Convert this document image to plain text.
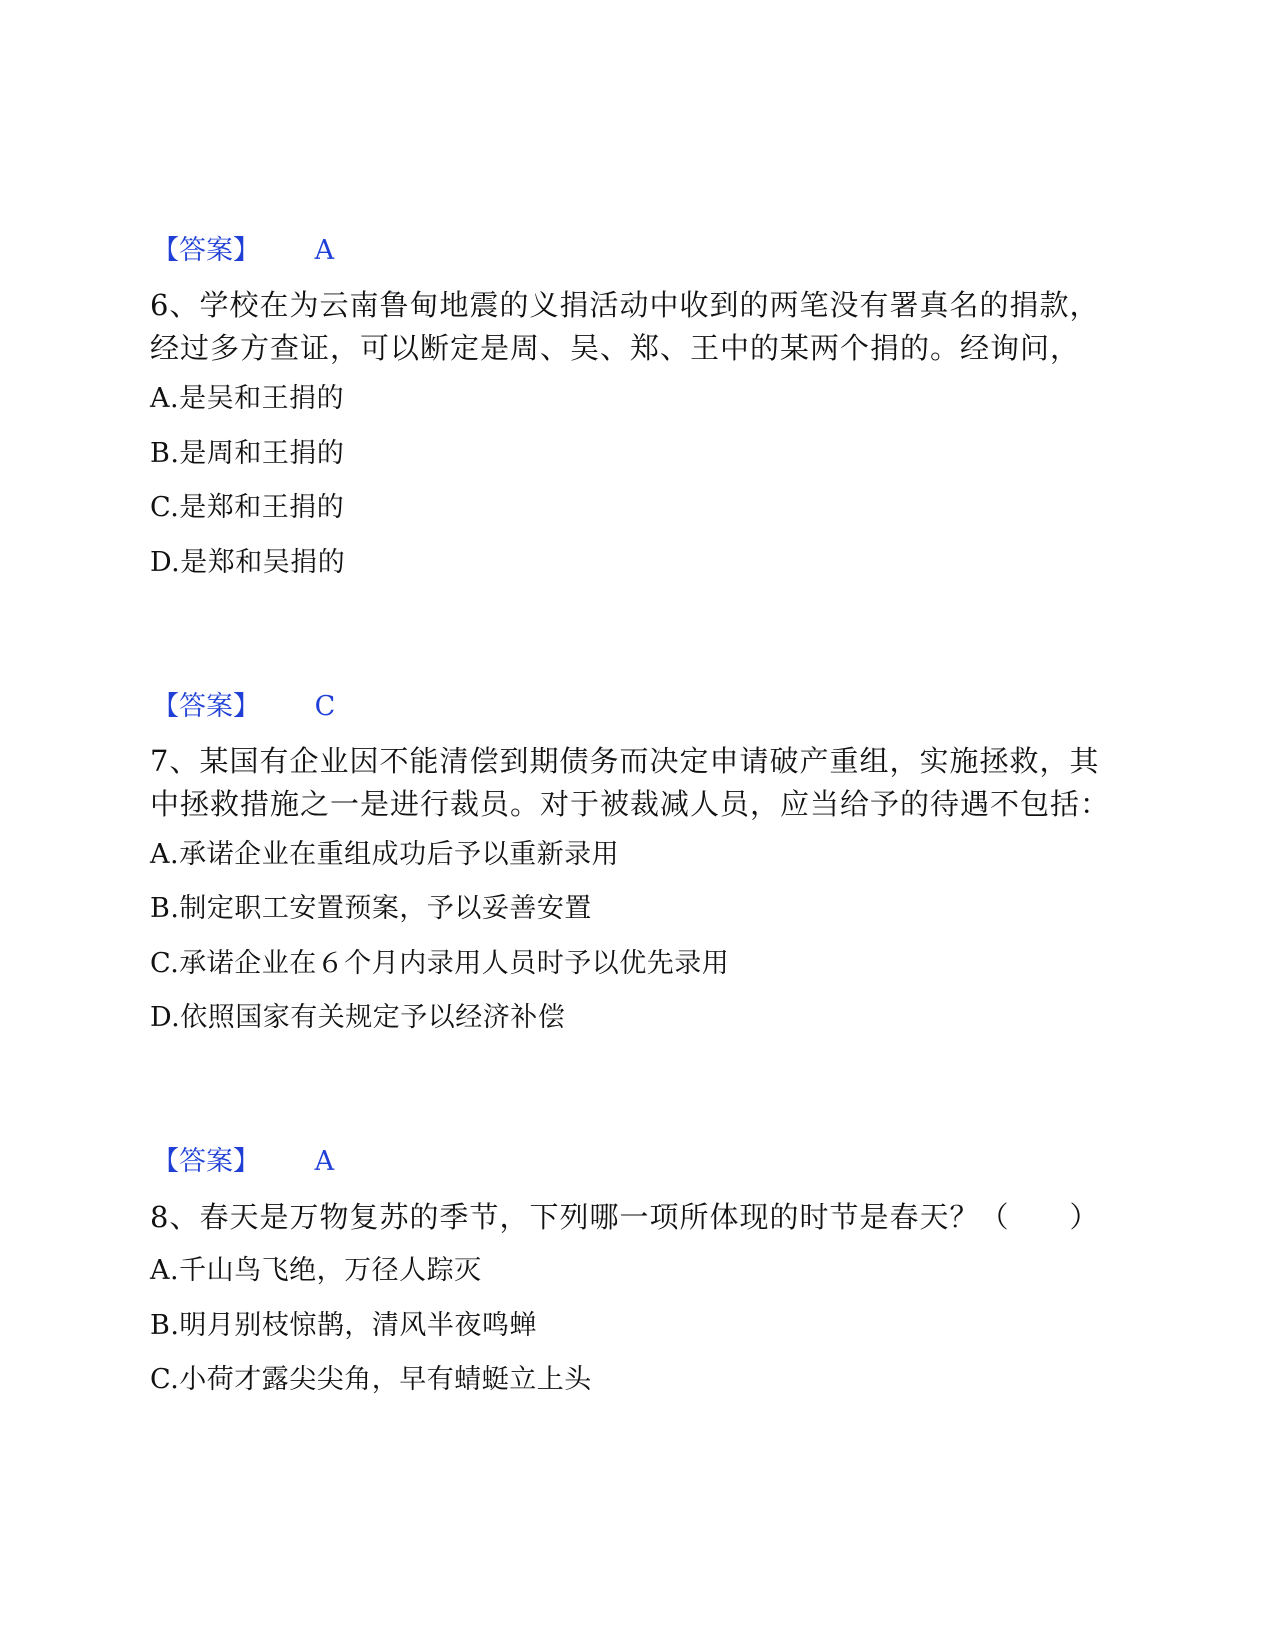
【答案】 A
6、学校在为云南鲁甸地震的义捐活动中收到的两笔没有署真名的捐款，经过多方查证，可以断定是周、吴、郑、王中的某两个捐的。经询问，
A.是吴和王捐的
B.是周和王捐的
C.是郑和王捐的
D.是郑和吴捐的
【答案】 C
7、某国有企业因不能清偿到期债务而决定申请破产重组，实施拯救，其中拯救措施之一是进行裁员。对于被裁减人员，应当给予的待遇不包括：
A.承诺企业在重组成功后予以重新录用
B.制定职工安置预案，予以妥善安置
C.承诺企业在６个月内录用人员时予以优先录用
D.依照国家有关规定予以经济补偿
【答案】 A
8、春天是万物复苏的季节，下列哪一项所体现的时节是春天？（　　）
A.千山鸟飞绝，万径人踪灭
B.明月别枝惊鹊，清风半夜鸣蝉
C.小荷才露尖尖角，早有蜻蜓立上头
